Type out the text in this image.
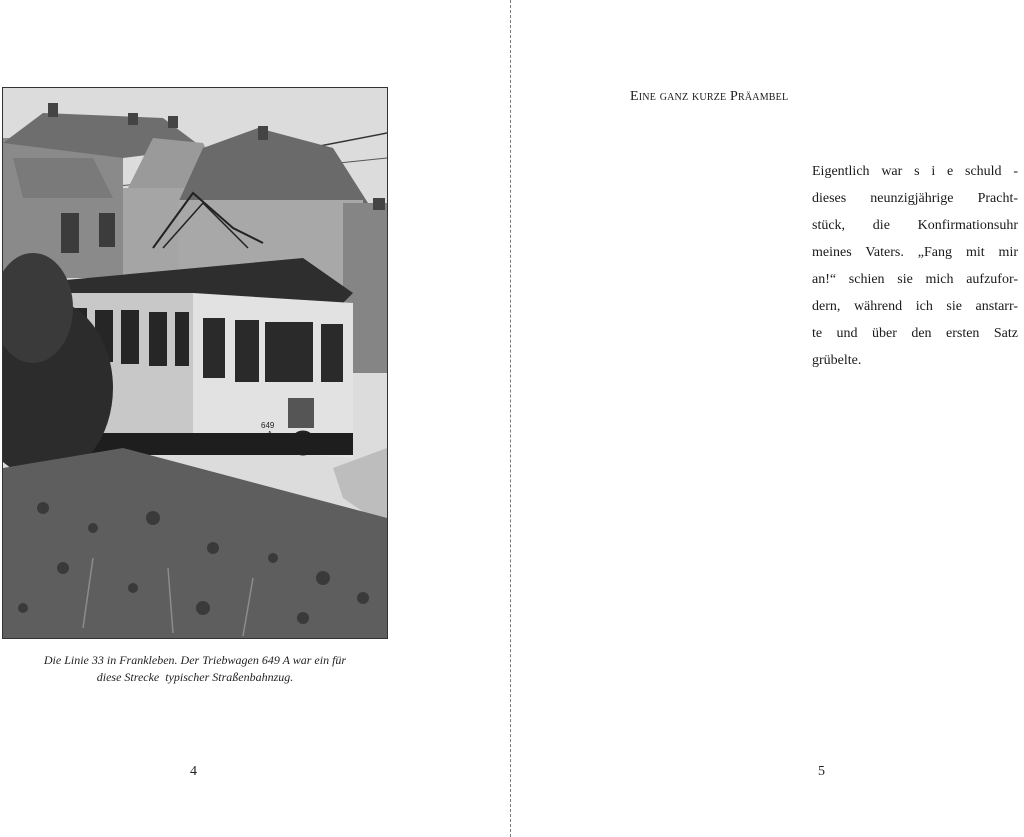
649
Die Linie 33 in Frankleben. Der Triebwagen 649 A war ein für
diese Strecke  typischer Straßenbahnzug.
4
Eine ganz kurze Präambel
Eigentlich war s i e schuld -
dieses neunzigjährige Pracht-
stück, die Konfirmationsuhr
meines Vaters. „Fang mit mir
an!“ schien sie mich aufzufor-
dern, während ich sie anstarr-
te und über den ersten Satz
grübelte.
5
